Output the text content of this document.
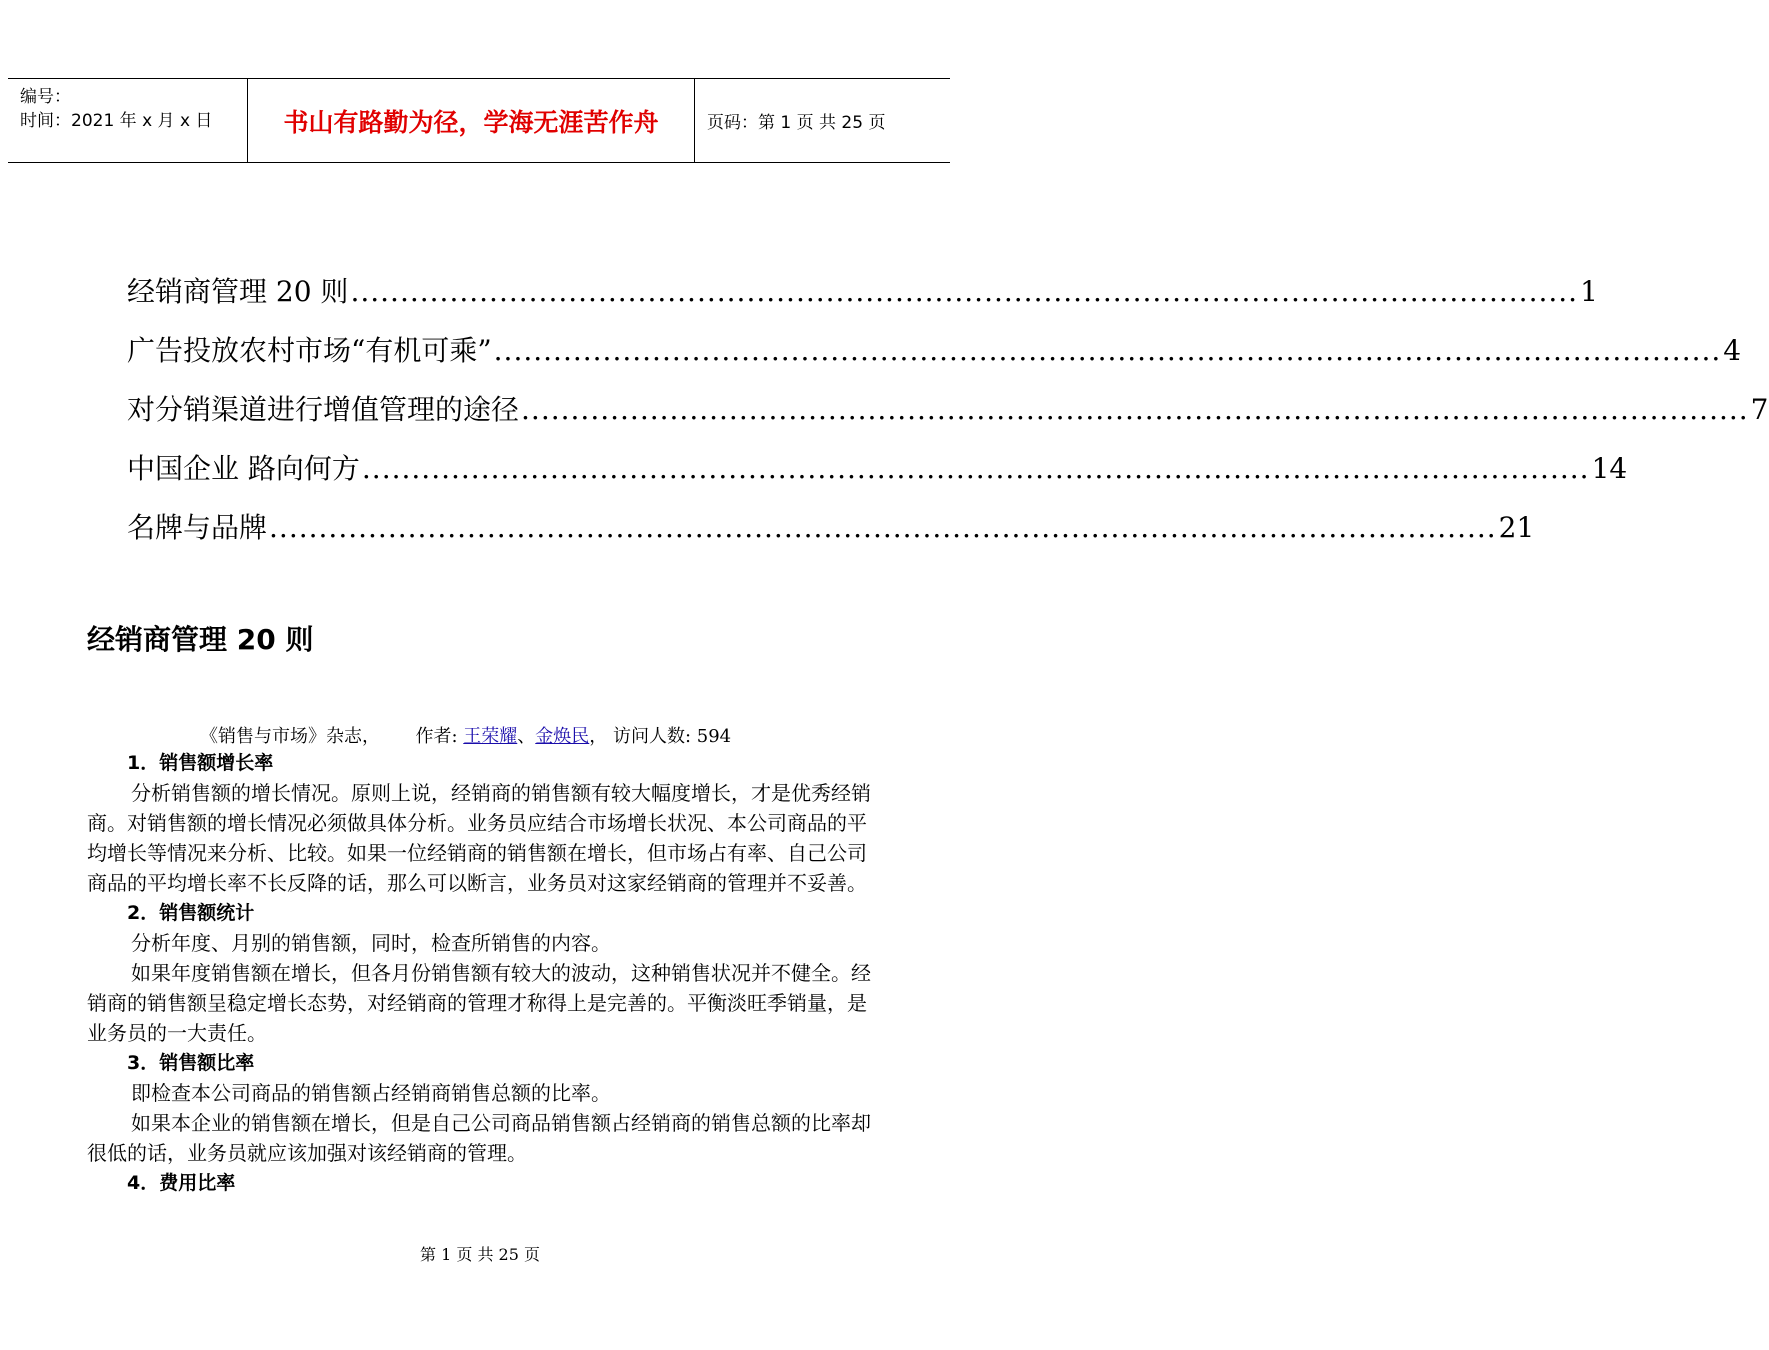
编号：
时间：2021 年 x 月 x 日	书山有路勤为径，学海无涯苦作舟	页码：第 1 页 共 25 页
经销商管理 20 则 ............................................................................................................................ 1
广告投放农村市场“有机可乘” ............................................................................................................................ 4
对分销渠道进行增值管理的途径 ............................................................................................................................ 7
中国企业 路向何方 ............................................................................................................................ 14
名牌与品牌 ............................................................................................................................ 21
经销商管理 20 则
《销售与市场》杂志， 作者: 王荣耀、金焕民， 访问人数: 594
1．销售额增长率

分析销售额的增长情况。原则上说，经销商的销售额有较大幅度增长，才是优秀经销商。对销售额的增长情况必须做具体分析。业务员应结合市场增长状况、本公司商品的平均增长等情况来分析、比较。如果一位经销商的销售额在增长，但市场占有率、自己公司商品的平均增长率不长反降的话，那么可以断言，业务员对这家经销商的管理并不妥善。

2．销售额统计

分析年度、月别的销售额，同时，检查所销售的内容。

如果年度销售额在增长，但各月份销售额有较大的波动，这种销售状况并不健全。经销商的销售额呈稳定增长态势，对经销商的管理才称得上是完善的。平衡淡旺季销量，是业务员的一大责任。

3．销售额比率

即检查本公司商品的销售额占经销商销售总额的比率。

如果本企业的销售额在增长，但是自己公司商品销售额占经销商的销售总额的比率却很低的话，业务员就应该加强对该经销商的管理。

4．费用比率
第 1 页 共 25 页
